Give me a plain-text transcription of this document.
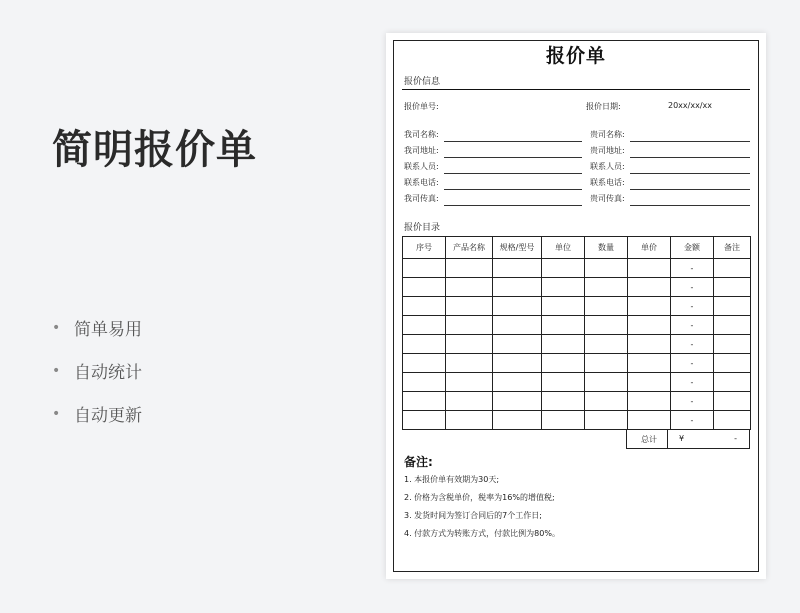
简明报价单
• 简单易用
• 自动统计
• 自动更新
报价单
报价信息
报价单号:	报价日期:	20xx/xx/xx
我司名称:
我司地址:
联系人员:
联系电话:
我司传真:
贵司名称:
贵司地址:
联系人员:
联系电话:
贵司传真:
报价目录
序号	产品名称	规格/型号	单位	数量	单价	金额	备注
						-	
						-	
						-	
						-	
						-	
						-	
						-	
						-	
						-	
总计	¥	-
备注:
1. 本报价单有效期为30天;
2. 价格为含税单价，税率为16%的增值税;
3. 发货时间为签订合同后的7个工作日;
4. 付款方式为转账方式，付款比例为80%。
